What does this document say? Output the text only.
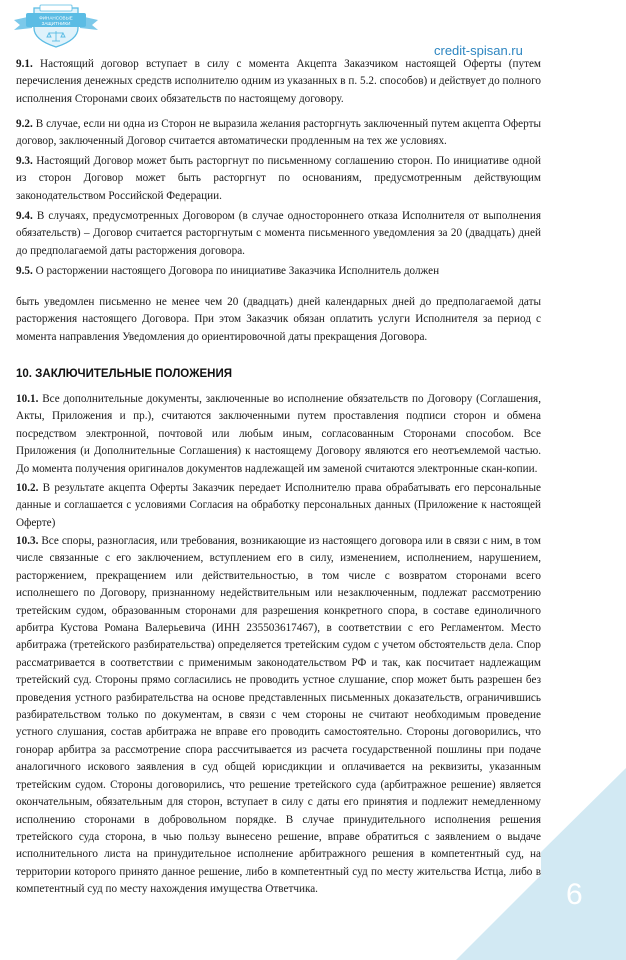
ФИНАНСОВЫЕ
ЗАЩИТНИКИ
credit-spisan.ru

9.1. Настоящий договор вступает в силу с момента Акцепта Заказчиком настоящей Оферты (путем перечисления денежных средств исполнителю одним из указанных в п. 5.2. способов) и действует до полного исполнения Сторонами своих обязательств по настоящему договору.

9.2. В случае, если ни одна из Сторон не выразила желания расторгнуть заключенный путем акцепта Оферты договор, заключенный Договор считается автоматически продленным на тех же условиях.

9.3. Настоящий Договор может быть расторгнут по письменному соглашению сторон. По инициативе одной из сторон Договор может быть расторгнут по основаниям, предусмотренным действующим законодательством Российской Федерации.

9.4. В случаях, предусмотренных Договором (в случае одностороннего отказа Исполнителя от выполнения обязательств) – Договор считается расторгнутым с момента письменного уведомления за 20 (двадцать) дней до предполагаемой даты расторжения договора.

9.5. О расторжении настоящего Договора по инициативе Заказчика Исполнитель должен

быть уведомлен письменно не менее чем 20 (двадцать) дней календарных дней до предполагаемой даты расторжения настоящего Договора. При этом Заказчик обязан оплатить услуги Исполнителя за период с момента направления Уведомления до ориентировочной даты прекращения Договора.

10. ЗАКЛЮЧИТЕЛЬНЫЕ ПОЛОЖЕНИЯ

10.1. Все дополнительные документы, заключенные во исполнение обязательств по Договору (Соглашения, Акты, Приложения и пр.), считаются заключенными путем проставления подписи сторон и обмена посредством электронной, почтовой или любым иным, согласованным Сторонами способом. Все Приложения (и Дополнительные Соглашения) к настоящему Договору являются его неотъемлемой частью. До момента получения оригиналов документов надлежащей им заменой считаются электронные скан-копии.

10.2. В результате акцепта Оферты Заказчик передает Исполнителю права обрабатывать его персональные данные и соглашается с условиями Согласия на обработку персональных данных (Приложение к настоящей Оферте)

10.3. Все споры, разногласия, или требования, возникающие из настоящего договора или в связи с ним, в том числе связанные с его заключением, вступлением его в силу, изменением, исполнением, нарушением, расторжением, прекращением или действительностью, в том числе с возвратом сторонами всего исполнешего по Договору, признанному недействительным или незаключенным, подлежат рассмотрению третейским судом, образованным сторонами для разрешения конкретного спора, в составе единоличного арбитра Кустова Романа Валерьевича (ИНН 235503617467), в соответствии с его Регламентом. Место арбитража (третейского разбирательства) определяется третейским судом с учетом обстоятельств дела. Спор рассматривается в соответствии с применимым законодательством РФ и так, как посчитает надлежащим третейский суд. Стороны прямо согласились не проводить устное слушание, спор может быть разрешен без проведения устного разбирательства на основе представленных письменных доказательств, ограничившись разбирательством только по документам, в связи с чем стороны не считают необходимым проведение устного слушания, состав арбитража не вправе его проводить самостоятельно. Стороны договорились, что гонорар арбитра за рассмотрение спора рассчитывается из расчета государственной пошлины при подаче аналогичного искового заявления в суд общей юрисдикции и оплачивается на реквизиты, указанным третейским судом. Стороны договорились, что решение третейского суда (арбитражное решение) является окончательным, обязательным для сторон, вступает в силу с даты его принятия и подлежит немедленному исполнению сторонами в добровольном порядке. В случае принудительного исполнения решения третейского суда сторона, в чью пользу вынесено решение, вправе обратиться с заявлением о выдаче исполнительного листа на принудительное исполнение арбитражного решения в компетентный суд, на территории которого принято данное решение, либо в компетентный суд по месту жительства Истца, либо в компетентный суд по месту нахождения имущества Ответчика.	6
